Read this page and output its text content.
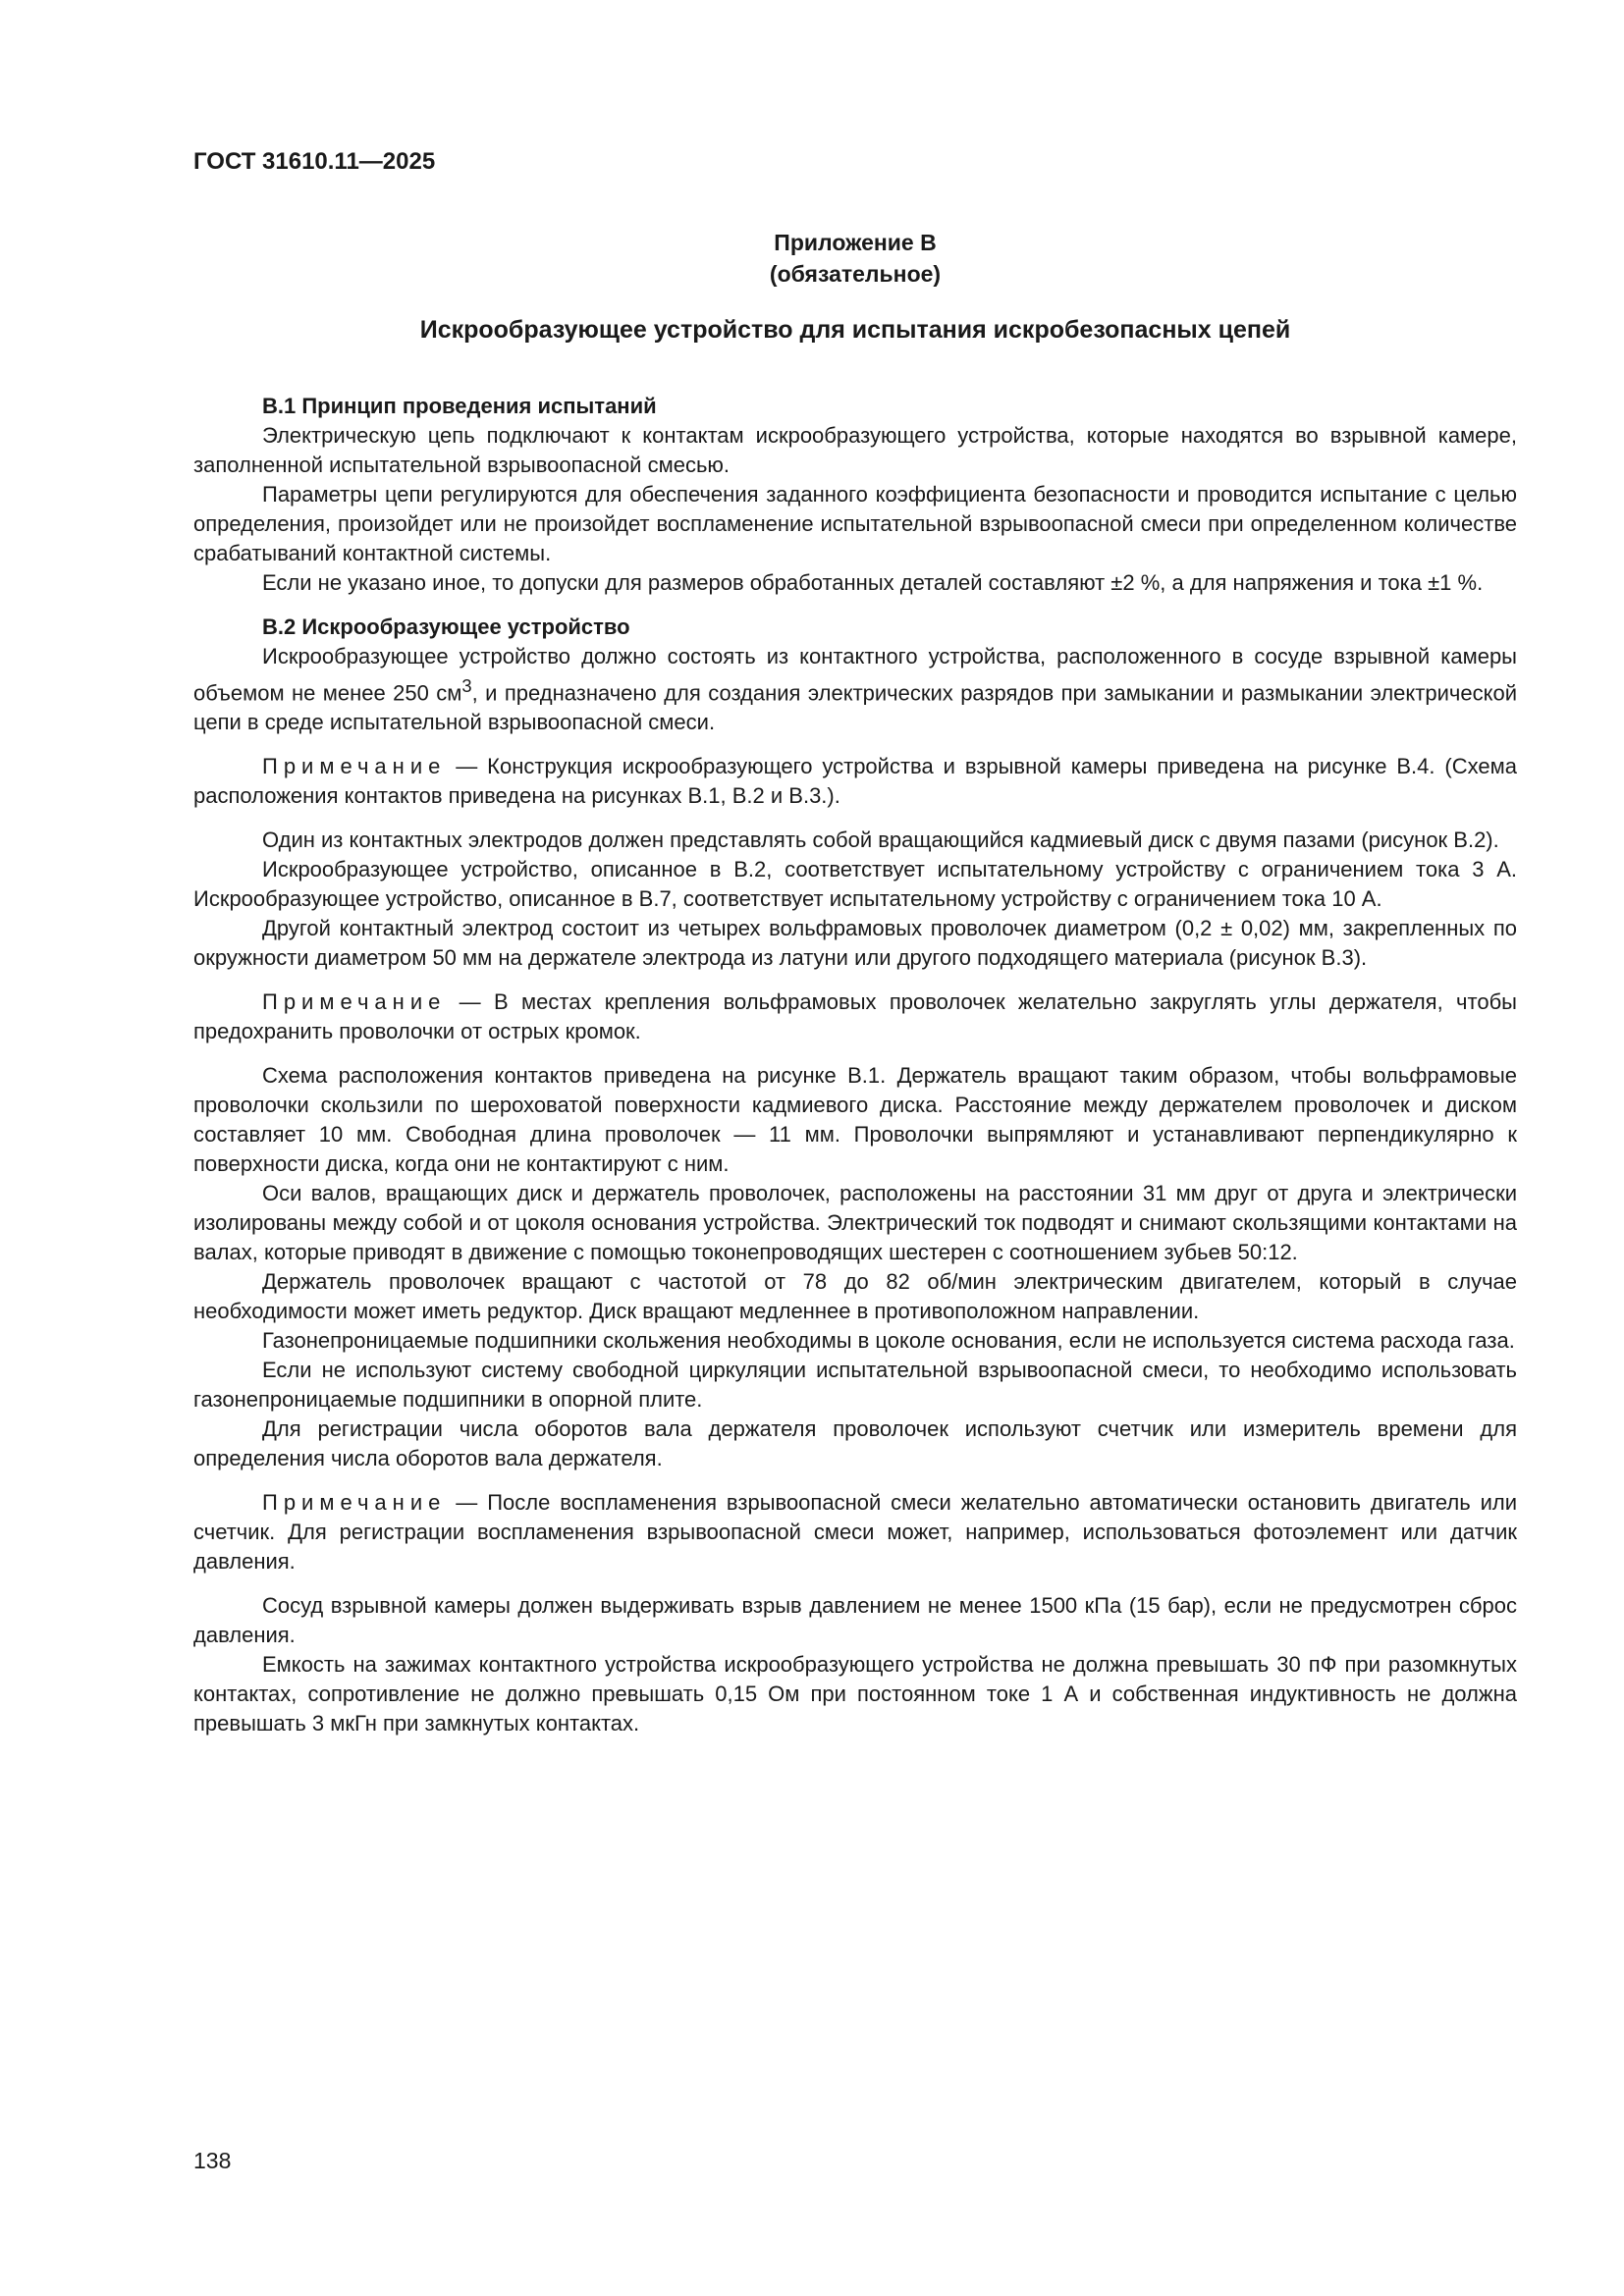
ГОСТ 31610.11—2025
Приложение В
(обязательное)
Искрообразующее устройство для испытания искробезопасных цепей
В.1 Принцип проведения испытаний

Электрическую цепь подключают к контактам искрообразующего устройства, которые находятся во взрывной камере, заполненной испытательной взрывоопасной смесью.

Параметры цепи регулируются для обеспечения заданного коэффициента безопасности и проводится испытание с целью определения, произойдет или не произойдет воспламенение испытательной взрывоопасной смеси при определенном количестве срабатываний контактной системы.

Если не указано иное, то допуски для размеров обработанных деталей составляют ±2 %, а для напряжения и тока ±1 %.

В.2 Искрообразующее устройство

Искрообразующее устройство должно состоять из контактного устройства, расположенного в сосуде взрывной камеры объемом не менее 250 $см^3$, и предназначено для создания электрических разрядов при замыкании и размыкании электрической цепи в среде испытательной взрывоопасной смеси.

Примечание — Конструкция искрообразующего устройства и взрывной камеры приведена на рисунке В.4. (Схема расположения контактов приведена на рисунках В.1, В.2 и В.3.).

Один из контактных электродов должен представлять собой вращающийся кадмиевый диск с двумя пазами (рисунок В.2).

Искрообразующее устройство, описанное в В.2, соответствует испытательному устройству с ограничением тока 3 А. Искрообразующее устройство, описанное в В.7, соответствует испытательному устройству с ограничением тока 10 А.

Другой контактный электрод состоит из четырех вольфрамовых проволочек диаметром (0,2 ± 0,02) мм, закрепленных по окружности диаметром 50 мм на держателе электрода из латуни или другого подходящего материала (рисунок В.3).

Примечание — В местах крепления вольфрамовых проволочек желательно закруглять углы держателя, чтобы предохранить проволочки от острых кромок.

Схема расположения контактов приведена на рисунке В.1. Держатель вращают таким образом, чтобы вольфрамовые проволочки скользили по шероховатой поверхности кадмиевого диска. Расстояние между держателем проволочек и диском составляет 10 мм. Свободная длина проволочек — 11 мм. Проволочки выпрямляют и устанавливают перпендикулярно к поверхности диска, когда они не контактируют с ним.

Оси валов, вращающих диск и держатель проволочек, расположены на расстоянии 31 мм друг от друга и электрически изолированы между собой и от цоколя основания устройства. Электрический ток подводят и снимают скользящими контактами на валах, которые приводят в движение с помощью токонепроводящих шестерен с соотношением зубьев 50:12.

Держатель проволочек вращают с частотой от 78 до 82 об/мин электрическим двигателем, который в случае необходимости может иметь редуктор. Диск вращают медленнее в противоположном направлении.

Газонепроницаемые подшипники скольжения необходимы в цоколе основания, если не используется система расхода газа.

Если не используют систему свободной циркуляции испытательной взрывоопасной смеси, то необходимо использовать газонепроницаемые подшипники в опорной плите.

Для регистрации числа оборотов вала держателя проволочек используют счетчик или измеритель времени для определения числа оборотов вала держателя.

Примечание — После воспламенения взрывоопасной смеси желательно автоматически остановить двигатель или счетчик. Для регистрации воспламенения взрывоопасной смеси может, например, использоваться фотоэлемент или датчик давления.

Сосуд взрывной камеры должен выдерживать взрыв давлением не менее 1500 кПа (15 бар), если не предусмотрен сброс давления.

Емкость на зажимах контактного устройства искрообразующего устройства не должна превышать 30 пФ при разомкнутых контактах, сопротивление не должно превышать 0,15 Ом при постоянном токе 1 А и собственная индуктивность не должна превышать 3 мкГн при замкнутых контактах.

138
